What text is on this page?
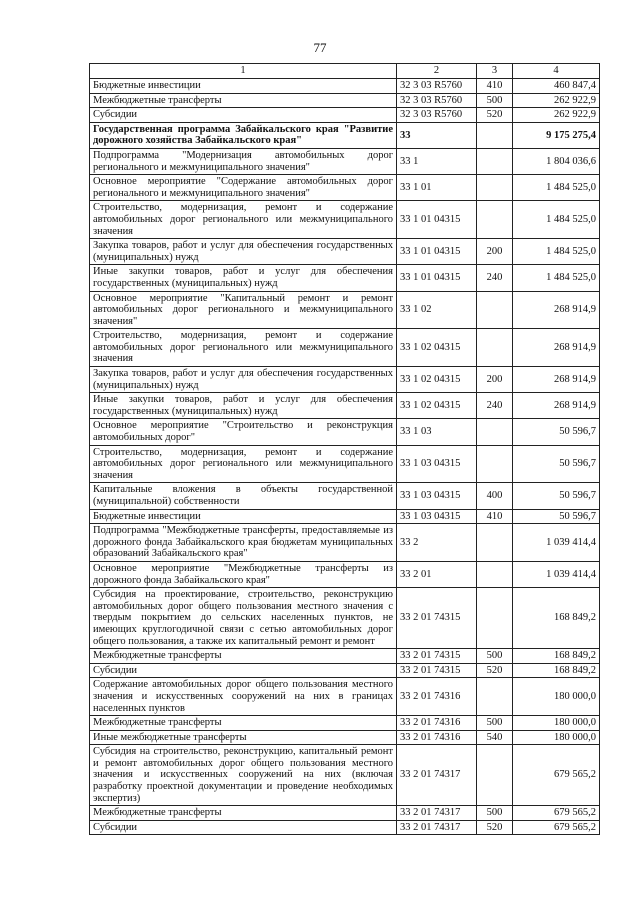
77
1	2	3	4
Бюджетные инвестиции	32 3 03 R5760	410	460 847,4
Межбюджетные трансферты	32 3 03 R5760	500	262 922,9
Субсидии	32 3 03 R5760	520	262 922,9
Государственная программа Забайкальского края "Развитие дорожного хозяйства Забайкальского края"	33		9 175 275,4
Подпрограмма "Модернизация автомобильных дорог регионального и межмуниципального значения"	33 1		1 804 036,6
Основное мероприятие "Содержание автомобильных дорог регионального и межмуниципального значения"	33 1 01		1 484 525,0
Строительство, модернизация, ремонт и содержание автомобильных дорог регионального или межмуниципального значения	33 1 01 04315		1 484 525,0
Закупка товаров, работ и услуг для обеспечения государственных (муниципальных) нужд	33 1 01 04315	200	1 484 525,0
Иные закупки товаров, работ и услуг для обеспечения государственных (муниципальных) нужд	33 1 01 04315	240	1 484 525,0
Основное мероприятие "Капитальный ремонт и ремонт автомобильных дорог регионального и межмуниципального значения"	33 1 02		268 914,9
Строительство, модернизация, ремонт и содержание автомобильных дорог регионального или межмуниципального значения	33 1 02 04315		268 914,9
Закупка товаров, работ и услуг для обеспечения государственных (муниципальных) нужд	33 1 02 04315	200	268 914,9
Иные закупки товаров, работ и услуг для обеспечения государственных (муниципальных) нужд	33 1 02 04315	240	268 914,9
Основное мероприятие "Строительство и реконструкция автомобильных дорог"	33 1 03		50 596,7
Строительство, модернизация, ремонт и содержание автомобильных дорог регионального или межмуниципального значения	33 1 03 04315		50 596,7
Капитальные вложения в объекты государственной (муниципальной) собственности	33 1 03 04315	400	50 596,7
Бюджетные инвестиции	33 1 03 04315	410	50 596,7
Подпрограмма "Межбюджетные трансферты, предоставляемые из дорожного фонда Забайкальского края бюджетам муниципальных образований Забайкальского края"	33 2		1 039 414,4
Основное мероприятие "Межбюджетные трансферты из дорожного фонда Забайкальского края"	33 2 01		1 039 414,4
Субсидия на проектирование, строительство, реконструкцию автомобильных дорог общего пользования местного значения с твердым покрытием до сельских населенных пунктов, не имеющих круглогодичной связи с сетью автомобильных дорог общего пользования, а также их капитальный ремонт и ремонт	33 2 01 74315		168 849,2
Межбюджетные трансферты	33 2 01 74315	500	168 849,2
Субсидии	33 2 01 74315	520	168 849,2
Содержание автомобильных дорог общего пользования местного значения и искусственных сооружений на них в границах населенных пунктов	33 2 01 74316		180 000,0
Межбюджетные трансферты	33 2 01 74316	500	180 000,0
Иные межбюджетные трансферты	33 2 01 74316	540	180 000,0
Субсидия на строительство, реконструкцию, капитальный ремонт и ремонт автомобильных дорог общего пользования местного значения и искусственных сооружений на них (включая разработку проектной документации и проведение необходимых экспертиз)	33 2 01 74317		679 565,2
Межбюджетные трансферты	33 2 01 74317	500	679 565,2
Субсидии	33 2 01 74317	520	679 565,2
